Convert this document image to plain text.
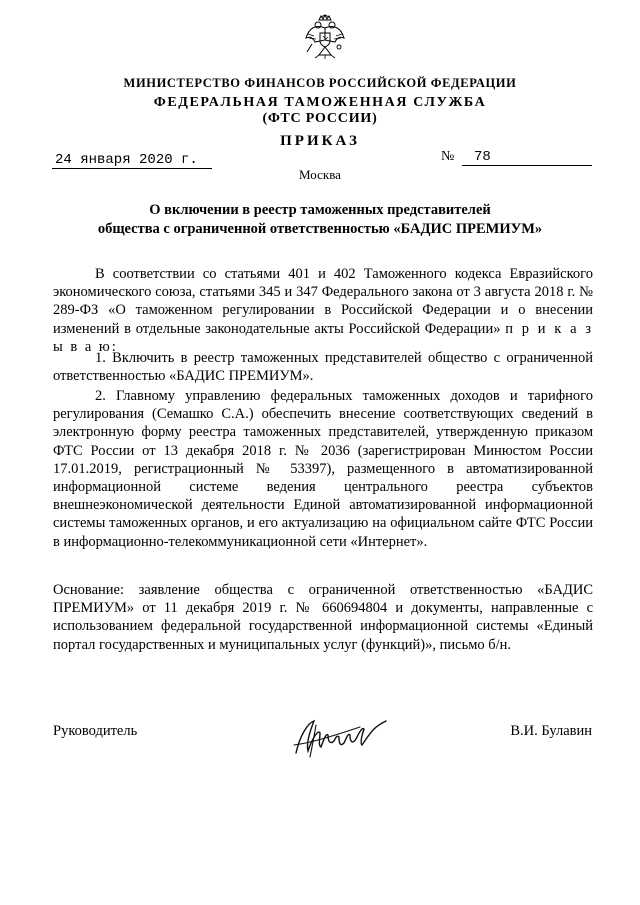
МИНИСТЕРСТВО ФИНАНСОВ РОССИЙСКОЙ ФЕДЕРАЦИИ
ФЕДЕРАЛЬНАЯ ТАМОЖЕННАЯ СЛУЖБА
(ФТС РОССИИ)
ПРИКАЗ
24 января 2020 г.	№ 78
Москва
О включении в реестр таможенных представителей
общества с ограниченной ответственностью «БАДИС ПРЕМИУМ»

В соответствии со статьями 401 и 402 Таможенного кодекса Евразийского экономического союза, статьями 345 и 347 Федерального закона от 3 августа 2018 г. № 289-ФЗ «О таможенном регулировании в Российской Федерации и о внесении изменений в отдельные законодательные акты Российской Федерации» п р и к а з ы в а ю:

1. Включить в реестр таможенных представителей общество с ограниченной ответственностью «БАДИС ПРЕМИУМ».

2. Главному управлению федеральных таможенных доходов и тарифного регулирования (Семашко С.А.) обеспечить внесение соответствующих сведений в электронную форму реестра таможенных представителей, утвержденную приказом ФТС России от 13 декабря 2018 г. № 2036 (зарегистрирован Минюстом России 17.01.2019, регистрационный № 53397), размещенного в автоматизированной информационной системе ведения центрального реестра субъектов внешнеэкономической деятельности Единой автоматизированной информационной системы таможенных органов, и его актуализацию на официальном сайте ФТС России в информационно-телекоммуникационной сети «Интернет».

Основание: заявление общества с ограниченной ответственностью «БАДИС ПРЕМИУМ» от 11 декабря 2019 г. № 660694804 и документы, направленные с использованием федеральной государственной информационной системы «Единый портал государственных и муниципальных услуг (функций)», письмо б/н.

Руководитель	В.И. Булавин
